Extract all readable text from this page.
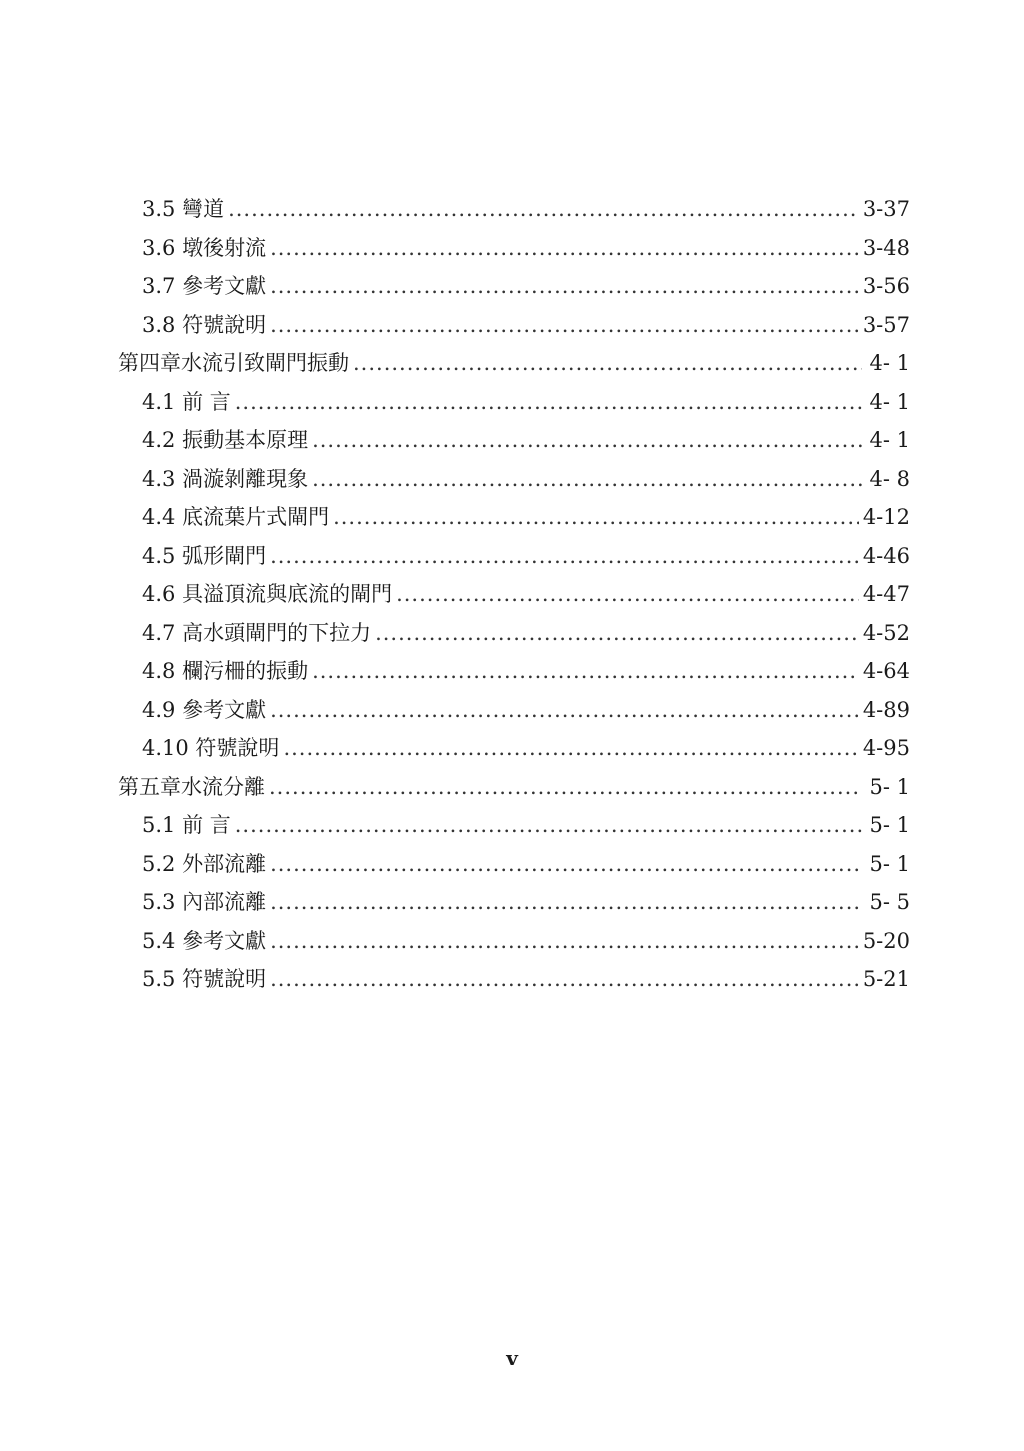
3.5 彎道 .....	3-37
3.6 墩後射流 .....	3-48
3.7 參考文獻 .....	3-56
3.8 符號說明 .....	3-57
第四章水流引致閘門振動 .....	4- 1
4.1 前 言 .....	4- 1
4.2 振動基本原理 .....	4- 1
4.3 渦漩剝離現象 .....	4- 8
4.4 底流葉片式閘門 .....	4-12
4.5 弧形閘門 .....	4-46
4.6 具溢頂流與底流的閘門 .....	4-47
4.7 高水頭閘門的下拉力 .....	4-52
4.8 欄污柵的振動 .....	4-64
4.9 參考文獻 .....	4-89
4.10 符號說明 .....	4-95
第五章水流分離 .....	5- 1
5.1 前 言 .....	5- 1
5.2 外部流離 .....	5- 1
5.3 內部流離 .....	5- 5
5.4 參考文獻 .....	5-20
5.5 符號說明 .....	5-21
v
